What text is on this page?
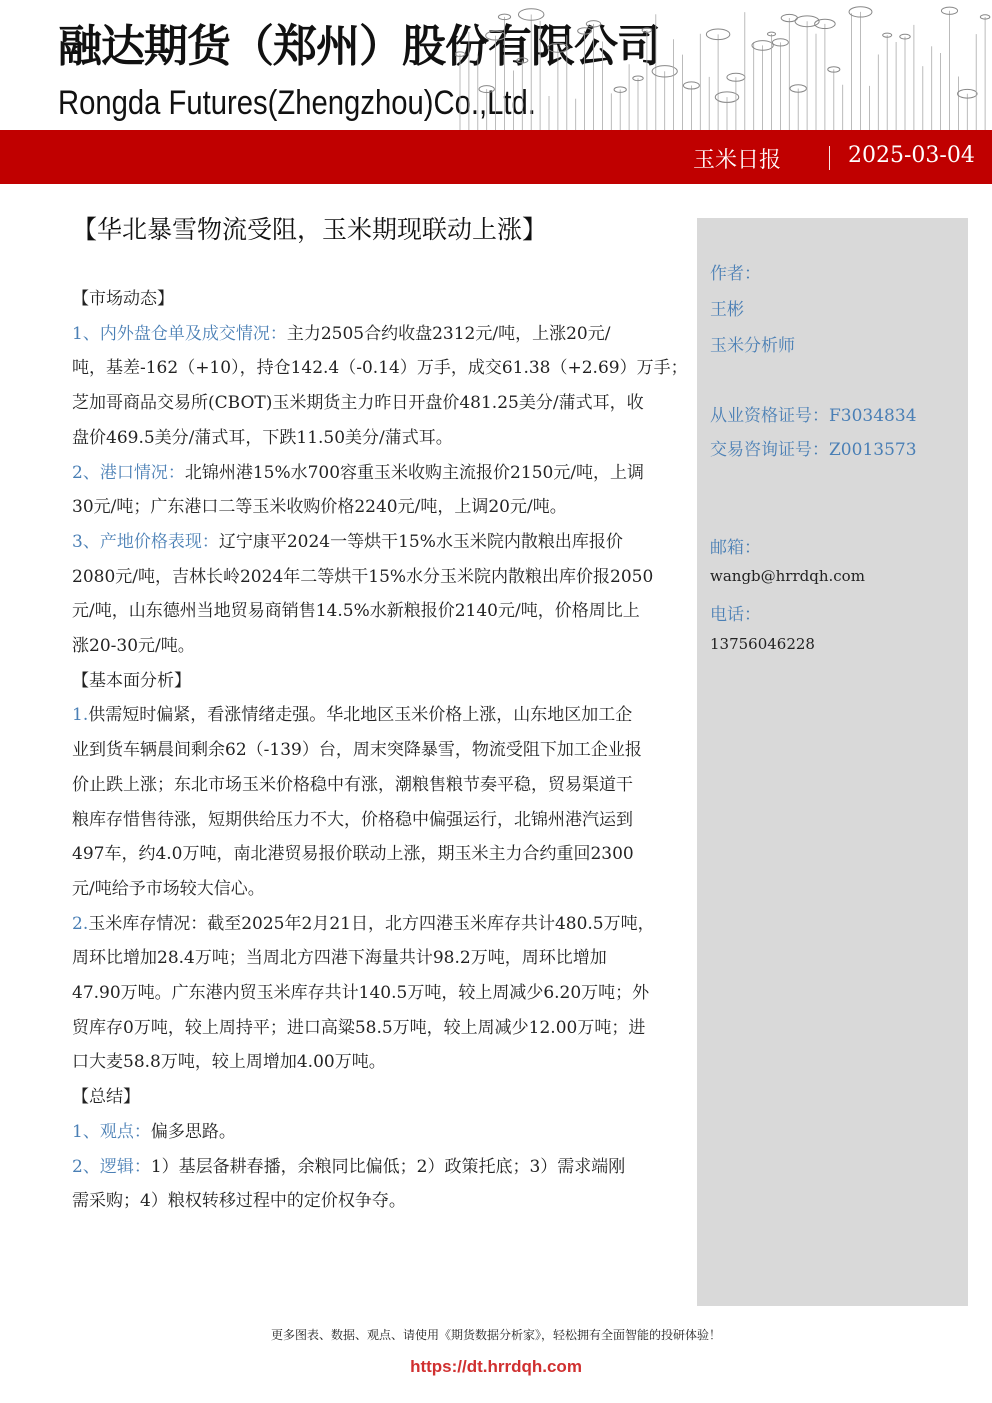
融达期货（郑州）股份有限公司
Rongda Futures(Zhengzhou)Co.,Ltd.
玉米日报	2025-03-04
作者：
王彬
玉米分析师
从业资格证号：F3034834
交易咨询证号：Z0013573
邮箱：
wangb@hrrdqh.com
电话：
13756046228
【华北暴雪物流受阻，玉米期现联动上涨】

【市场动态】

1、内外盘仓单及成交情况：主力2505合约收盘2312元/吨，上涨20元/

吨，基差-162（+10），持仓142.4（-0.14）万手，成交61.38（+2.69）万手；

芝加哥商品交易所(CBOT)玉米期货主力昨日开盘价481.25美分/蒲式耳，收

盘价469.5美分/蒲式耳，下跌11.50美分/蒲式耳。

2、港口情况：北锦州港15%水700容重玉米收购主流报价2150元/吨，上调

30元/吨；广东港口二等玉米收购价格2240元/吨，上调20元/吨。

3、产地价格表现：辽宁康平2024一等烘干15%水玉米院内散粮出库报价

2080元/吨，吉林长岭2024年二等烘干15%水分玉米院内散粮出库价报2050

元/吨，山东德州当地贸易商销售14.5%水新粮报价2140元/吨，价格周比上

涨20-30元/吨。

【基本面分析】

1.供需短时偏紧，看涨情绪走强。华北地区玉米价格上涨，山东地区加工企

业到货车辆晨间剩余62（-139）台，周末突降暴雪，物流受阻下加工企业报

价止跌上涨；东北市场玉米价格稳中有涨，潮粮售粮节奏平稳，贸易渠道干

粮库存惜售待涨，短期供给压力不大，价格稳中偏强运行，北锦州港汽运到

497车，约4.0万吨，南北港贸易报价联动上涨，期玉米主力合约重回2300

元/吨给予市场较大信心。

2.玉米库存情况：截至2025年2月21日，北方四港玉米库存共计480.5万吨，

周环比增加28.4万吨；当周北方四港下海量共计98.2万吨，周环比增加

47.90万吨。广东港内贸玉米库存共计140.5万吨，较上周减少6.20万吨；外

贸库存0万吨，较上周持平；进口高粱58.5万吨，较上周减少12.00万吨；进

口大麦58.8万吨，较上周增加4.00万吨。

【总结】

1、观点：偏多思路。

2、逻辑：1）基层备耕春播，余粮同比偏低；2）政策托底；3）需求端刚

需采购；4）粮权转移过程中的定价权争夺。

更多图表、数据、观点、请使用《期货数据分析家》，轻松拥有全面智能的投研体验！
https://dt.hrrdqh.com
